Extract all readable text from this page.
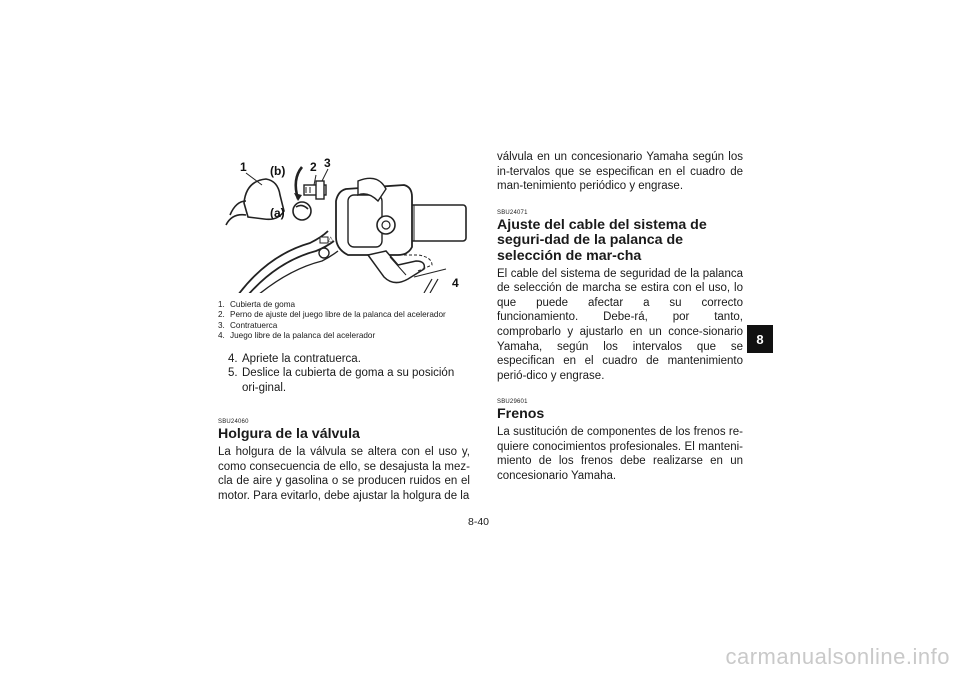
△
1 (b) 2 3
(a)
4
1. Cubierta de goma
2. Perno de ajuste del juego libre de la palanca del acelerador
3. Contratuerca
4. Juego libre de la palanca del acelerador
4. Apriete la contratuerca.
5. Deslice la cubierta de goma a su posición ori-ginal.
SBU24060
Holgura de la válvula
La holgura de la válvula se altera con el uso y, como consecuencia de ello, se desajusta la mez-cla de aire y gasolina o se producen ruidos en el motor. Para evitarlo, debe ajustar la holgura de la
válvula en un concesionario Yamaha según los in-tervalos que se especifican en el cuadro de man-tenimiento periódico y engrase.
SBU24071
Ajuste del cable del sistema de seguri-dad de la palanca de selección de mar-cha
El cable del sistema de seguridad de la palanca de selección de marcha se estira con el uso, lo que puede afectar a su correcto funcionamiento. Debe-rá, por tanto, comprobarlo y ajustarlo en un conce-sionario Yamaha, según los intervalos que se especifican en el cuadro de mantenimiento perió-dico y engrase.
SBU29601
Frenos
La sustitución de componentes de los frenos re-quiere conocimientos profesionales. El manteni-miento de los frenos debe realizarse en un concesionario Yamaha.
8
8-40
carmanualsonline.info
